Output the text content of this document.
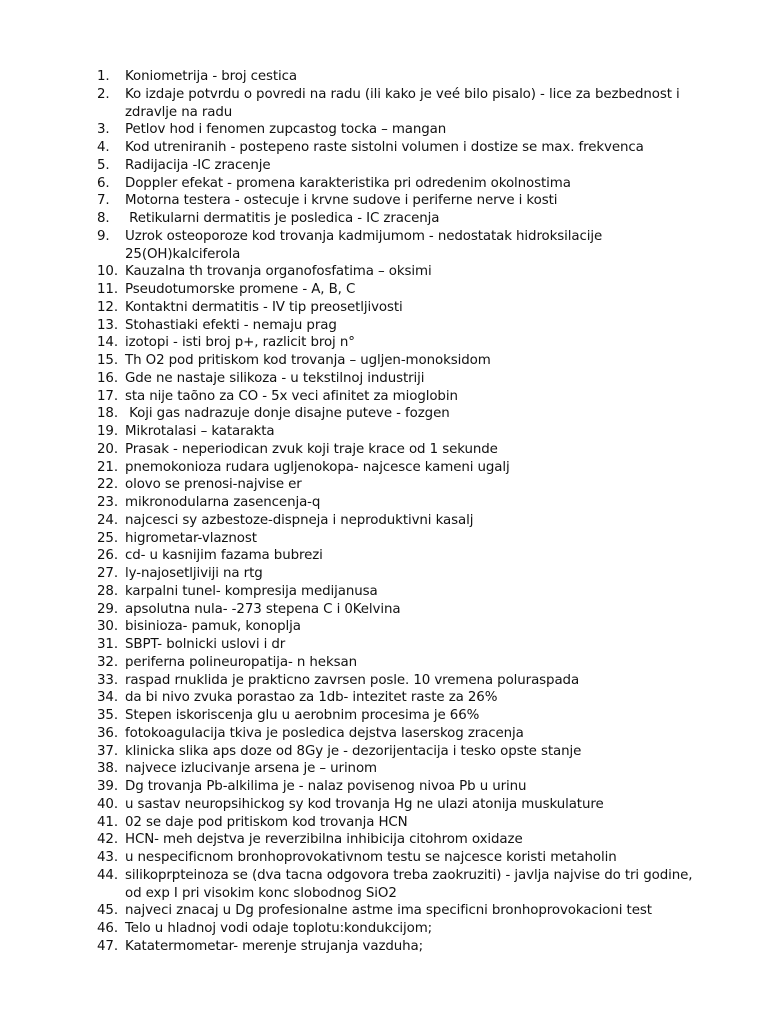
1.	Koniometrija - broj cestica
2.	Ko izdaje potvrdu o povredi na radu (ili kako je veé bilo pisalo) - lice za bezbednost i zdravlje na radu
3.	Petlov hod i fenomen zupcastog tocka – mangan
4.	Kod utreniranih - postepeno raste sistolni volumen i dostize se max. frekvenca
5.	Radijacija -IC zracenje
6.	Doppler efekat - promena karakteristika pri odredenim okolnostima
7.	Motorna testera - ostecuje i krvne sudove i periferne nerve i kosti
8.	Retikularni dermatitis je posledica - IC zracenja
9.	Uzrok osteoporoze kod trovanja kadmijumom - nedostatak hidroksilacije 25(OH)kalciferola
10. Kauzalna th trovanja organofosfatima – oksimi
11. Pseudotumorske promene - A, B, C
12. Kontaktni dermatitis - IV tip preosetljivosti
13. Stohastiaki efekti - nemaju prag
14. izotopi - isti broj p+, razlicit broj n°
15. Th O2 pod pritiskom kod trovanja – ugljen-monoksidom
16. Gde ne nastaje silikoza - u tekstilnoj industriji
17. sta nije taõno za CO - 5x veci afinitet za mioglobin
18. Koji gas nadrazuje donje disajne puteve - fozgen
19. Mikrotalasi – katarakta
20. Prasak - neperiodican zvuk koji traje krace od 1 sekunde
21. pnemokonioza rudara ugljenokopa- najcesce kameni ugalj
22. olovo se prenosi-najvise er
23. mikronodularna zasencenja-q
24. najcesci sy azbestoze-dispneja i neproduktivni kasalj
25. higrometar-vlaznost
26. cd- u kasnijim fazama bubrezi
27. ly-najosetljiviji na rtg
28. karpalni tunel- kompresija medijanusa
29. apsolutna nula- -273 stepena C i 0Kelvina
30. bisinioza- pamuk, konoplja
31. SBPT- bolnicki uslovi i dr
32. periferna polineuropatija- n heksan
33. raspad rnuklida je prakticno zavrsen posle. 10 vremena poluraspada
34. da bi nivo zvuka porastao za 1db- intezitet raste za 26%
35. Stepen iskoriscenja glu u aerobnim procesima je 66%
36. fotokoagulacija tkiva je posledica dejstva laserskog zracenja
37. klinicka slika aps doze od 8Gy je - dezorijentacija i tesko opste stanje
38. najvece izlucivanje arsena je – urinom
39. Dg trovanja Pb-alkilima je - nalaz povisenog nivoa Pb u urinu
40. u sastav neuropsihickog sy kod trovanja Hg ne ulazi atonija muskulature
41. 02 se daje pod pritiskom kod trovanja HCN
42. HCN- meh dejstva je reverzibilna inhibicija citohrom oxidaze
43. u nespecificnom bronhoprovokativnom testu se najcesce koristi metaholin
44. silikoprpteinoza se (dva tacna odgovora treba zaokruziti) - javlja najvise do tri godine, od exp I pri visokim konc slobodnog SiO2
45. najveci znacaj u Dg profesionalne astme ima specificni bronhoprovokacioni test
46. Telo u hladnoj vodi odaje toplotu:kondukcijom;
47. Katatermometar- merenje strujanja vazduha;
